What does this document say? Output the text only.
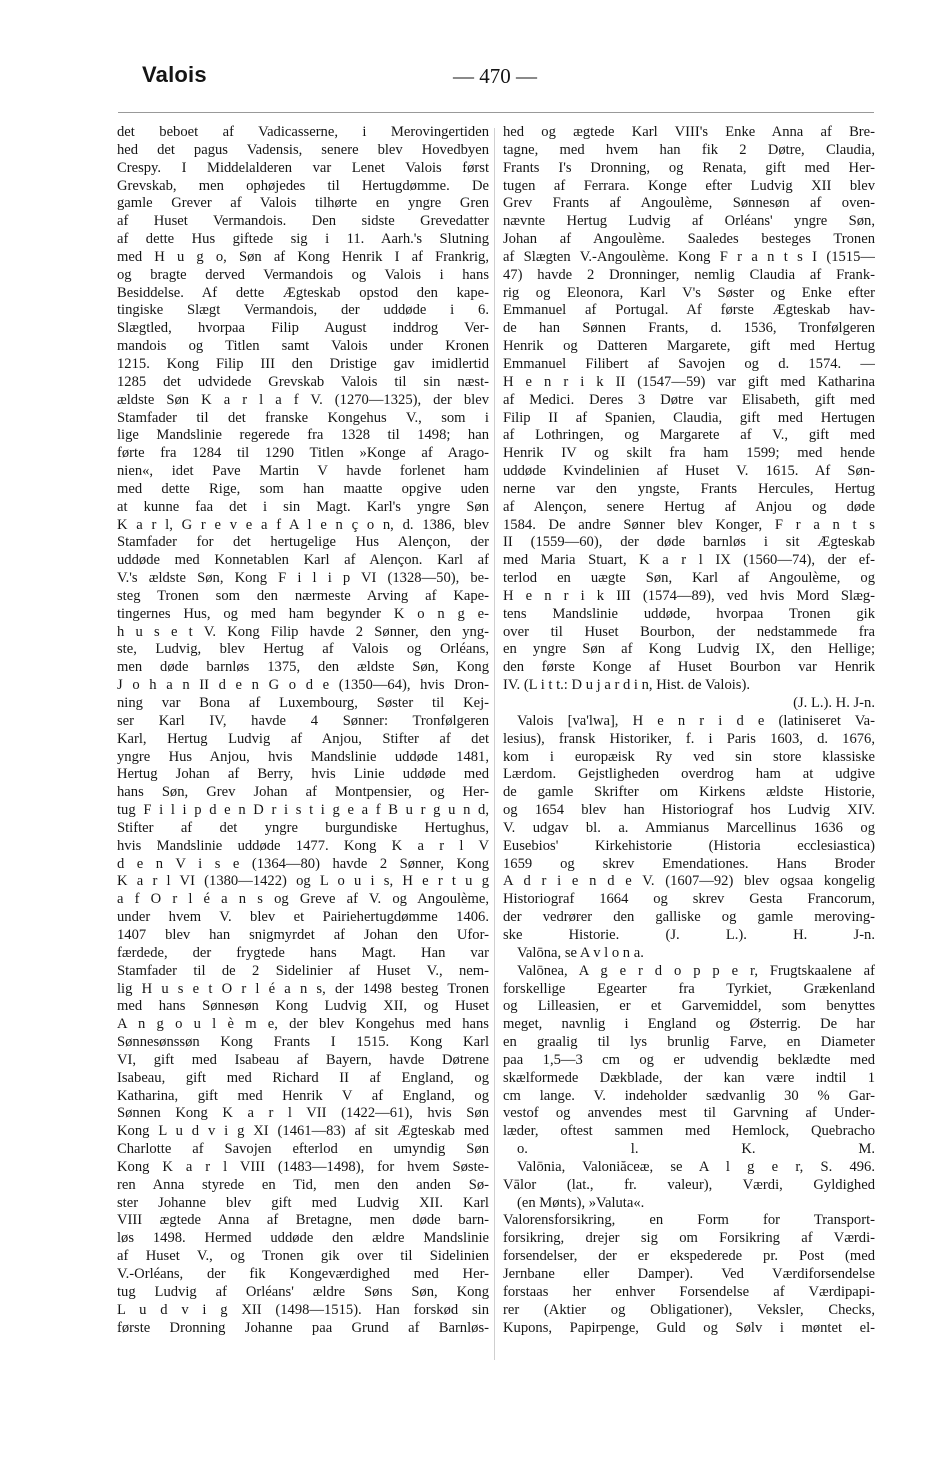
Valois	— 470 —
det beboet af Vadicasserne, i Merovingertiden
hed det pagus Vadensis, senere blev Hovedbyen
Crespy. I Middelalderen var Lenet Valois først
Grevskab, men ophøjedes til Hertugdømme. De
gamle Grever af Valois tilhørte en yngre Gren
af Huset Vermandois. Den sidste Grevedatter
af dette Hus giftede sig i 11. Aarh.'s Slutning
med H u g o, Søn af Kong Henrik I af Frankrig,
og bragte derved Vermandois og Valois i hans
Besiddelse. Af dette Ægteskab opstod den kape-
tingiske Slægt Vermandois, der uddøde i 6.
Slægtled, hvorpaa Filip August inddrog Ver-
mandois og Titlen samt Valois under Kronen
1215. Kong Filip III den Dristige gav imidlertid
1285 det udvidede Grevskab Valois til sin næst-
ældste Søn K a r l a f V. (1270—1325), der blev
Stamfader til det franske Kongehus V., som i
lige Mandslinie regerede fra 1328 til 1498; han
førte fra 1284 til 1290 Titlen »Konge af Arago-
nien«, idet Pave Martin V havde forlenet ham
med dette Rige, som han maatte opgive uden
at kunne faa det i sin Magt. Karl's yngre Søn
K a r l, G r e v e a f A l e n ç o n, d. 1386, blev
Stamfader for det hertugelige Hus Alençon, der
uddøde med Konnetablen Karl af Alençon. Karl af
V.'s ældste Søn, Kong F i l i p VI (1328—50), be-
steg Tronen som den nærmeste Arving af Kape-
tingernes Hus, og med ham begynder K o n g e-
h u s e t V. Kong Filip havde 2 Sønner, den yng-
ste, Ludvig, blev Hertug af Valois og Orléans,
men døde barnløs 1375, den ældste Søn, Kong
J o h a n II d e n G o d e (1350—64), hvis Dron-
ning var Bona af Luxembourg, Søster til Kej-
ser Karl IV, havde 4 Sønner: Tronfølgeren
Karl, Hertug Ludvig af Anjou, Stifter af det
yngre Hus Anjou, hvis Mandslinie uddøde 1481,
Hertug Johan af Berry, hvis Linie uddøde med
hans Søn, Grev Johan af Montpensier, og Her-
tug F i l i p d e n D r i s t i g e a f B u r g u n d,
Stifter af det yngre burgundiske Hertughus,
hvis Mandslinie uddøde 1477. Kong K a r l V
d e n V i s e (1364—80) havde 2 Sønner, Kong
K a r l VI (1380—1422) og L o u i s, H e r t u g
a f O r l é a n s og Greve af V. og Angoulème,
under hvem V. blev et Pairiehertugdømme 1406.
1407 blev han snigmyrdet af Johan den Ufor-
færdede, der frygtede hans Magt. Han var
Stamfader til de 2 Sidelinier af Huset V., nem-
lig H u s e t O r l é a n s, der 1498 besteg Tronen
med hans Sønnesøn Kong Ludvig XII, og Huset
A n g o u l è m e, der blev Kongehus med hans
Sønnesønssøn Kong Frants I 1515. Kong Karl
VI, gift med Isabeau af Bayern, havde Døtrene
Isabeau, gift med Richard II af England, og
Katharina, gift med Henrik V af England, og
Sønnen Kong K a r l VII (1422—61), hvis Søn
Kong L u d v i g XI (1461—83) af sit Ægteskab med
Charlotte af Savojen efterlod en umyndig Søn
Kong K a r l VIII (1483—1498), for hvem Søste-
ren Anna styrede en Tid, men den anden Sø-
ster Johanne blev gift med Ludvig XII. Karl
VIII ægtede Anna af Bretagne, men døde barn-
løs 1498. Hermed uddøde den ældre Mandslinie
af Huset V., og Tronen gik over til Sidelinien
V.-Orléans, der fik Kongeværdighed med Her-
tug Ludvig af Orléans' ældre Søns Søn, Kong
L u d v i g XII (1498—1515). Han forskød sin
første Dronning Johanne paa Grund af Barnløs-
hed og ægtede Karl VIII's Enke Anna af Bre-
tagne, med hvem han fik 2 Døtre, Claudia,
Frants I's Dronning, og Renata, gift med Her-
tugen af Ferrara. Konge efter Ludvig XII blev
Grev Frants af Angoulème, Sønnesøn af oven-
nævnte Hertug Ludvig af Orléans' yngre Søn,
Johan af Angoulème. Saaledes besteges Tronen
af Slægten V.-Angoulème. Kong F r a n t s I (1515—
47) havde 2 Dronninger, nemlig Claudia af Frank-
rig og Eleonora, Karl V's Søster og Enke efter
Emmanuel af Portugal. Af første Ægteskab hav-
de han Sønnen Frants, d. 1536, Tronfølgeren
Henrik og Datteren Margarete, gift med Hertug
Emmanuel Filibert af Savojen og d. 1574. —
H e n r i k II (1547—59) var gift med Katharina
af Medici. Deres 3 Døtre var Elisabeth, gift med
Filip II af Spanien, Claudia, gift med Hertugen
af Lothringen, og Margarete af V., gift med
Henrik IV og skilt fra ham 1599; med hende
uddøde Kvindelinien af Huset V. 1615. Af Søn-
nerne var den yngste, Frants Hercules, Hertug
af Alençon, senere Hertug af Anjou og døde
1584. De andre Sønner blev Konger, F r a n t s
II (1559—60), der døde barnløs i sit Ægteskab
med Maria Stuart, K a r l IX (1560—74), der ef-
terlod en uægte Søn, Karl af Angoulème, og
H e n r i k III (1574—89), ved hvis Mord Slæg-
tens Mandslinie uddøde, hvorpaa Tronen gik
over til Huset Bourbon, der nedstammede fra
en yngre Søn af Kong Ludvig IX, den Hellige;
den første Konge af Huset Bourbon var Henrik
IV. (L i t t.: D u j a r d i n, Hist. de Valois).
(J. L.). H. J-n.
Valois [va'lwa], H e n r i d e (latiniseret Va-
lesius), fransk Historiker, f. i Paris 1603, d. 1676,
kom i europæisk Ry ved sin store klassiske
Lærdom. Gejstligheden overdrog ham at udgive
de gamle Skrifter om Kirkens ældste Historie,
og 1654 blev han Historiograf hos Ludvig XIV.
V. udgav bl. a. Ammianus Marcellinus 1636 og
Eusebios' Kirkehistorie (Historia ecclesiastica)
1659 og skrev Emendationes. Hans Broder
A d r i e n d e V. (1607—92) blev ogsaa kongelig
Historiograf 1664 og skrev Gesta Francorum,
der vedrører den galliske og gamle meroving-
ske Historie. (J. L.). H. J-n.
Valōna, se A v l o n a.
Valōnea, A g e r d o p p e r, Frugtskaalene af
forskellige Egearter fra Tyrkiet, Grækenland
og Lilleasien, er et Garvemiddel, som benyttes
meget, navnlig i England og Østerrig. De har
en graalig til lys brunlig Farve, en Diameter
paa 1,5—3 cm og er udvendig beklædte med
skælformede Dækblade, der kan være indtil 1
cm lange. V. indeholder sædvanlig 30 % Gar-
vestof og anvendes mest til Garvning af Under-
læder, oftest sammen med Hemlock, Quebracho
o. l. K. M.
Valōnia, Valoniăceæ, se A l g e r, S. 496.
Vālor (lat., fr. valeur), Værdi, Gyldighed
(en Mønts), »Valuta«.
Valorensforsikring, en Form for Transport-
forsikring, drejer sig om Forsikring af Værdi-
forsendelser, der er ekspederede pr. Post (med
Jernbane eller Damper). Ved Værdiforsendelse
forstaas her enhver Forsendelse af Værdipapi-
rer (Aktier og Obligationer), Veksler, Checks,
Kupons, Papirpenge, Guld og Sølv i møntet el-
